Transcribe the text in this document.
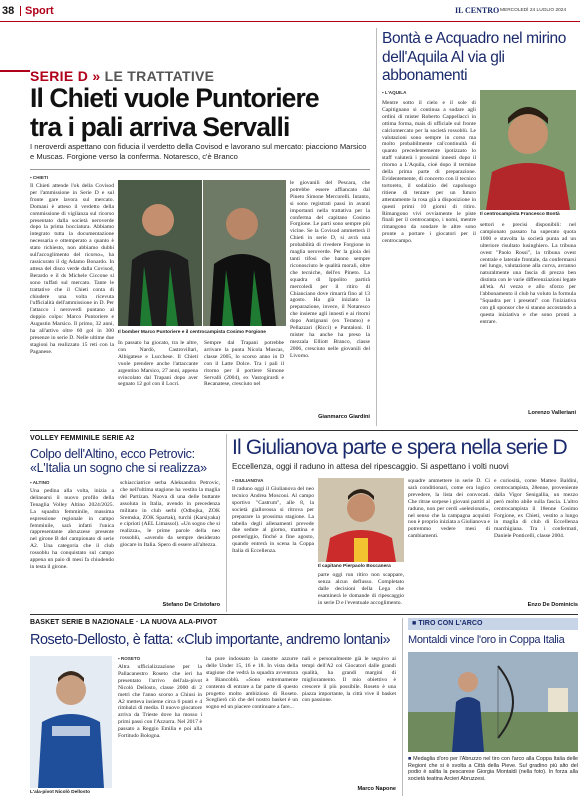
38 Sport	IL CENTRO MERCOLEDÌ 24 LUGLIO 2024
SERIE D » LE TRATTATIVE
Il Chieti vuole Puntoriere
tra i pali arriva Servalli
I neroverdi aspettano con fiducia il verdetto della Covisod e lavorano sul mercato: piacciono Marsico e Muscas. Forgione verso la conferma. Notaresco, c'è Branco
▪ CHIETI
Il Chieti attende l'ok della Covisod per l'ammissione in Serie D e sul fronte gare lavora sul mercato. Domani è atteso il verdetto della commissione di vigilanza sul ricorso presentato dalla società neroverde dopo la prima bocciatura. Abbiamo integrato tutta la documentazione necessaria e ottemperato a quanto è stato richiesto, non abbiamo dubbi sull'accoglimento del ricorso», ha rassicurato il dg Adamo Bonardo. In attesa del disco verde dalla Covisod, Berardo e il ds Michele Ciccone si sono tuffati sul mercato. Tante le trattative che il Chieti conta di chiudere una volta ricevuta l'ufficialità dell'ammissione in D. Per l'attacco i neroverdi puntano al doppio colpo: Marco Puntoriere e Augustin Marsico. Il primo, 32 anni, ha all'attivo oltre 60 gol in 300 presenze in serie D. Nelle ultime due stagioni ha realizzato 15 reti con la Paganese.
Il bomber Marco Puntoriere e il centrocampista Cosimo Forgione
In passato ha giocato, tra le altre, con Nardò, Castrovillari, Albigatese e Lucchese. Il Chieti vuole prendere anche l'attaccante argentino Marsico, 27 anni, appena svincolato dal Trapani dopo aver segnato 12 gol con il Locri.
Sempre dal Trapani potrebbe arrivare la punta Nicola Muscas, classe 2005, lo scorso anno in D con il Latte Dolce. Tra i pali il ritorno per il portiere Simone Servalli (2004), ex Vastogirardi e Recanatese, cresciuto nel
le giovanili del Pescara, che potrebbe essere affiancato dal Pineto Simone Mercurelli. Intanto, si sono registrati passi in avanti importanti nella trattativa per la conferma del capitano Cosimo Forgione. Le parti sono sempre più vicine. Se la Covisod ammetterà il Chieti in serie D, si avrà una probabilità di rivedere Forgione in maglia neroverde. Per la gioia dei tanti tifosi che hanno sempre riconosciuto le qualità morali, oltre che tecniche, dell'ex Pineto. La squadra di Ippolito partirà mercoledì per il ritiro di Chianciano dove rimarrà fino al 13 agosto. Ha già iniziato la preparazione, invece, il Notaresco che insieme agli innesti e ai ritorni dopo Antignani (ex Teramo) e Pellazzari (Ricci) e Pantaloni. Il mister ha anche ha preso la mezzala Elliott Branco, classe 2006, cresciuto nelle giovanili del Livorno.
Gianmarco Giardini
Bontà e Acquadro nel mirino dell'Aquila Al via gli abbonamenti
▪ L'AQUILA
Mentre sotto il cielo e il sole di Capitignano si continua a sudare agli ordini di mister Roberto Cappellacci in ottima forma, mais di ufficiale sul fronte calciomercato per la società rossoblù. Le valutazioni sono sempre in corso ma molto probabilmente cal'continuità di quanto precedentemente ipotizzato lo staff valuterà i prossimi innesti dopo il ritorno a L'Aquila, cioè dopo il termine della prima parte di preparazione. Evidentemente, di concerto con il tecnico tortoreto, il sodalizio del capoluogo ritiene di tentare per un futuro attentamente la rosa già a disposizione in questi primi 10 giorni di ritiro. Rimangono vivi ovviamente le piste finali per il centrocampo, i nomi, mentre rimangono da sondare le altre sono pronte a portare i giocatori per il centrocampo.
Il centrocampista Francesco Bontà
settori e precisi disponibili: nel campionato passato ha superato quota 1000 e stavolta la società punta ad un ulteriore risultato lusinghiero. La tribuna ovest "Paolo Rossi", la tribuna ovest centrale e laterale frontale, da confermarsi nel lungo, valutazione alla curva, avranno naturalmente una fascia di prezzo ben distinta con le varie differenziazioni legate all'età. Al vezzo e allo sforzo per l'abbonamento il club ha voluto la formula "Squadra per i presenti" con l'iniziativa con gli sponsor che si stanno accostando a questa iniziativa e che sono pronti a entrare.
Lorenzo Valleriani
VOLLEY FEMMINILE SERIE A2
Colpo dell'Altino, ecco Petrovic: «L'Italia un sogno che si realizza»
▪ ALTINO
Una pedina alla volta, inizia a delinearsi il nuovo profilo della Tenaglia Volley Altino 2024/2025. La squadra femminile, massima espressione regionale in campo femminile, sarà infatti l'unica rappresentante abruzzese presente nel girone B del campionato di serie A2. Una categoria che il club rossoblu ha conquistato sul campo appena un paio di mesi fa chiudendo in testa il girone.
schiacciatrice serba Aleksandra Petrovic, che nell'ultima stagione ha vestito la maglia del Partizan. Nuova di una delle buttante assoluta in Italia, avendo in precedenza militato in club serbi (Odbojka, ZOK Sremska, ZOK Spartak), turchi (Karsiyaka) e ciprioti (AEL Limassol). «Un sogno che si realizza», le prime parole della neo rossoblù, «avendo da sempre desiderato giocare in Italia. Spero di essere all'altezza.
Stefano De Cristofaro
Il Giulianova parte e spera nella serie D
Eccellenza, oggi il raduno in attesa del ripescaggio. Si aspettano i volti nuovi
▪ GIULIANOVA
Il raduno oggi il Giulianova del neo tecnico Andrea Moscoui. Al campo sportivo "Castrum", alle 8, la società giallorossa si ritrova per preparare la prossima stagione. La tabella degli allenamenti prevede due sedute al giorno, mattina e pomeriggio, finché a fine agosto, quando entrerà in scena la Coppa Italia di Eccellenza.
Il capitano Pierpaolo Boccanera
parte oggi run ritiro non scappare, senza alcun deflusso. Completato dalle decisioni della Lega che esaminerà le domande di ripescaggio in serie D e l'eventuale accoglimento.
squadre ammettere in serie D. Ci sarà conditionari, come era logico prevedere, la lista dei convocati. Che ritrae sorpese i giovani partiti al raduno, non per cerdi «selezionati», nel senso che la campagna acquisti non è proprio iniziata a Giulianova e potremmo vedere mesi di cambiamenti.
e curiosità, come Matteo Baldini, centrocampista, 28enne, proveniente dalla Vigor Senigallia, un mezzo però molto abile sulla fascia. L'altro centrocampista il 18enne Cosimo Forgione, ex Chieti, vestito a lungo in maglia di club di Eccellenza marchigiana. Tra i confermati, Daniele Ponticelli, classe 2004.
Enzo De Dominicis
BASKET SERIE B NAZIONALE · LA NUOVA ALA-PIVOT
Roseto-Dellosto, è fatta: «Club importante, andremo lontani»
L'ala-pivot Nicolò Dellosto
▪ ROSETO
Altra ufficializzazione per la Pallacanestro Roseto che ieri ha presentato l'arrivo dell'ala-pivot Nicolò Dellosto, classe 2000 di 2 metri che l'anno scorso a Chiusi in A2 metteva insieme circa 6 punti e 4 rimbalzi di media. Il nuovo giocatore arriva da Trieste dove ha mosso i primi passi con l'Azzurra. Nel 2017 è passato a Reggio Emilia e poi alla Fortitudo Bologna.
ha pure indossato la canotte azzurre delle Under 15, 16 e 18. In vista della stagione che vedrà la squadra avventura a Biancoblù. «Sono estremamente contento di entrare a far parte di questo progetto molto ambizioso di Roseto. Sceglierò ciò che del nostro basket è un sogno ed un piacere continuare a fare...
nali e personalmente già le seguivo ai tempi dell'A2 coi Giocatori dalle grandi qualità, ha grandi margini di miglioramento. Il mio obiettivo è crescere il più possibile. Roseto è una piazza importante, la città vive il basket con passione.
Marco Napone
■ TIRO CON L'ARCO
Montaldi vince l'oro in Coppa Italia
■ Medaglia d'oro per l'Abruzzo nel tiro con l'arco alla Coppa Italia delle Regioni che si è svolta a Città della Pieve. Sul gradino più alto del podio è salita la pescarese Giorgia Montaldi (nella foto). In forza alla società teatina Arcieri Abruzzesi.
